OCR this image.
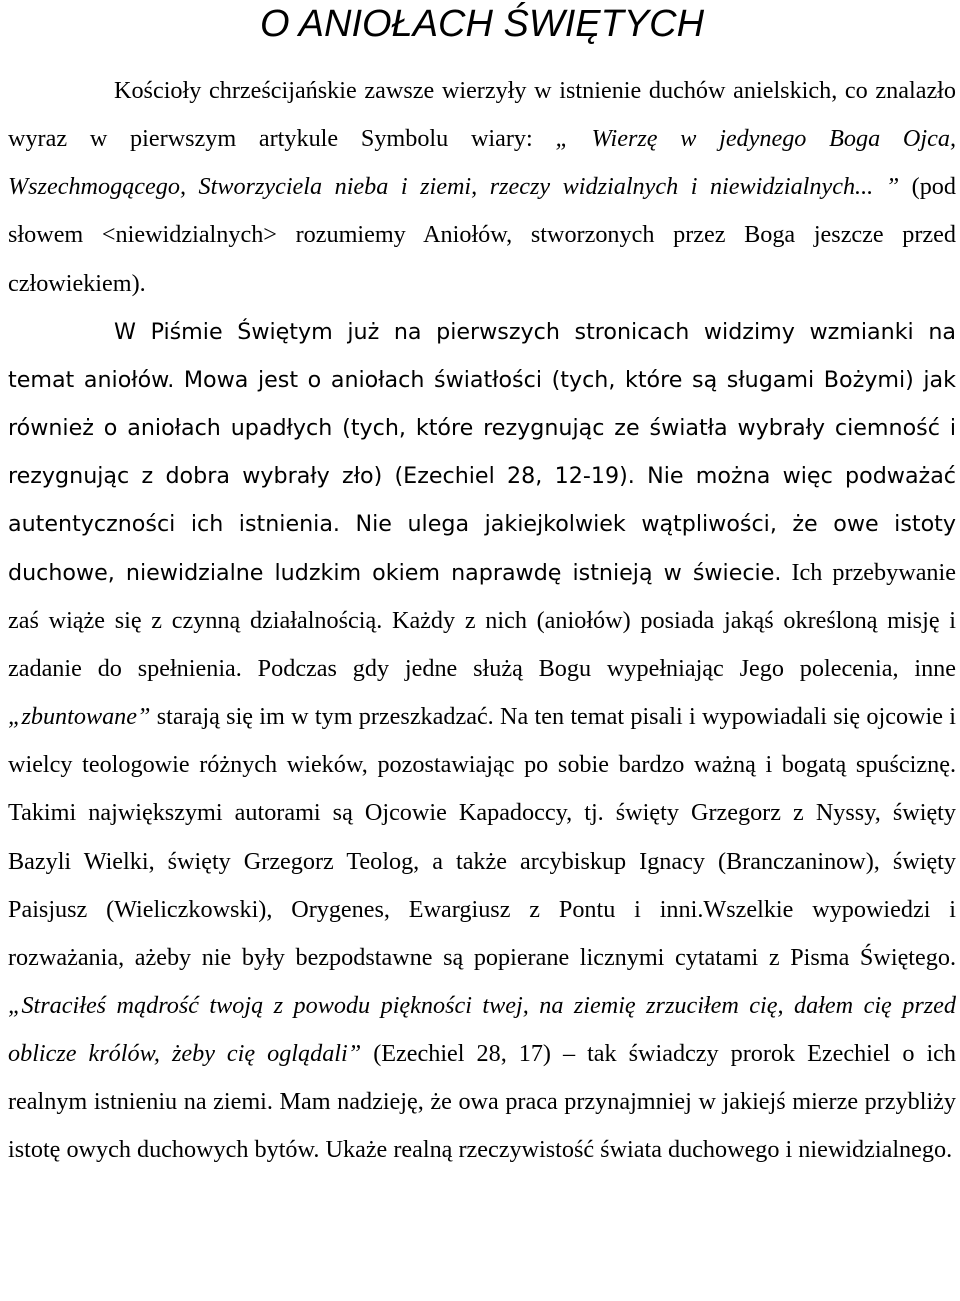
O ANIOŁACH ŚWIĘTYCH

Kościoły chrześcijańskie zawsze wierzyły w istnienie duchów anielskich, co znalazło wyraz w pierwszym artykule Symbolu wiary: „ Wierzę w jedynego Boga Ojca, Wszechmogącego, Stworzyciela nieba i ziemi, rzeczy widzialnych i niewidzialnych... ” (pod słowem <niewidzialnych> rozumiemy Aniołów, stworzonych przez Boga jeszcze przed człowiekiem).

W Piśmie Świętym już na pierwszych stronicach widzimy wzmianki na temat aniołów. Mowa jest o aniołach światłości (tych, które są sługami Bożymi) jak również o aniołach upadłych (tych, które rezygnując ze światła wybrały ciemność i rezygnując z dobra wybrały zło) (Ezechiel 28, 12-19). Nie można więc podważać autentyczności ich istnienia. Nie ulega jakiejkolwiek wątpliwości, że owe istoty duchowe, niewidzialne ludzkim okiem naprawdę istnieją w świecie. Ich przebywanie zaś wiąże się z czynną działalnością. Każdy z nich (aniołów) posiada jakąś określoną misję i zadanie do spełnienia. Podczas gdy jedne służą Bogu wypełniając Jego polecenia, inne „zbuntowane” starają się im w tym przeszkadzać. Na ten temat pisali i wypowiadali się ojcowie i wielcy teologowie różnych wieków, pozostawiając po sobie bardzo ważną i bogatą spuściznę. Takimi największymi autorami są Ojcowie Kapadoccy, tj. święty Grzegorz z Nyssy, święty Bazyli Wielki, święty Grzegorz Teolog, a także arcybiskup Ignacy (Branczaninow), święty Paisjusz (Wieliczkowski), Orygenes, Ewargiusz z Pontu i inni.Wszelkie wypowiedzi i rozważania, ażeby nie były bezpodstawne są popierane licznymi cytatami z Pisma Świętego. „Straciłeś mądrość twoją z powodu piękności twej, na ziemię zrzuciłem cię, dałem cię przed oblicze królów, żeby cię oglądali” (Ezechiel 28, 17) – tak świadczy prorok Ezechiel o ich realnym istnieniu na ziemi. Mam nadzieję, że owa praca przynajmniej w jakiejś mierze przybliży istotę owych duchowych bytów. Ukaże realną rzeczywistość świata duchowego i niewidzialnego.
